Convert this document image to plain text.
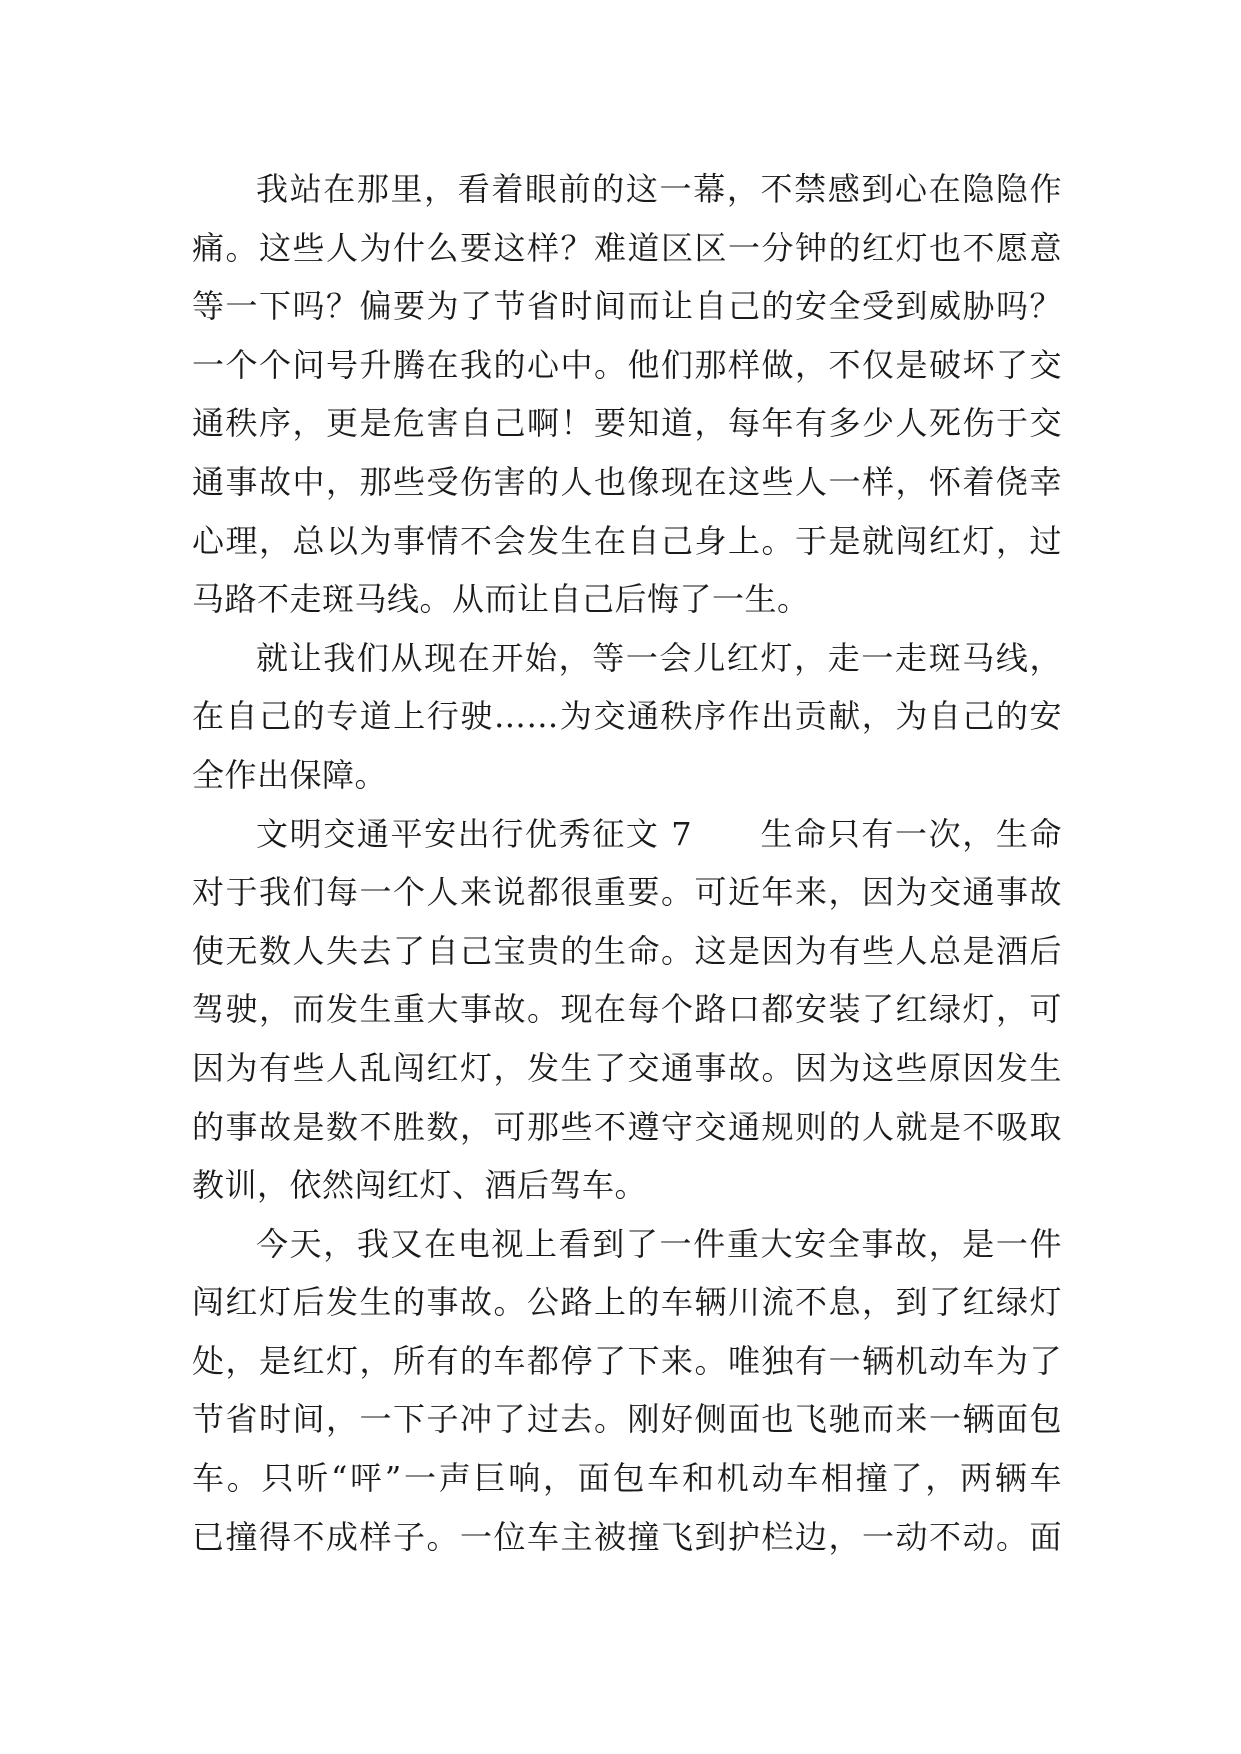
我站在那里，看着眼前的这一幕，不禁感到心在隐隐作
痛。这些人为什么要这样？难道区区一分钟的红灯也不愿意
等一下吗？偏要为了节省时间而让自己的安全受到威胁吗？
一个个问号升腾在我的心中。他们那样做，不仅是破坏了交
通秩序，更是危害自己啊！要知道，每年有多少人死伤于交
通事故中，那些受伤害的人也像现在这些人一样，怀着侥幸
心理，总以为事情不会发生在自己身上。于是就闯红灯，过
马路不走斑马线。从而让自己后悔了一生。
就让我们从现在开始，等一会儿红灯，走一走斑马线，
在自己的专道上行驶……为交通秩序作出贡献，为自己的安
全作出保障。
文明交通平安出行优秀征文 7　　生命只有一次，生命
对于我们每一个人来说都很重要。可近年来，因为交通事故
使无数人失去了自己宝贵的生命。这是因为有些人总是酒后
驾驶，而发生重大事故。现在每个路口都安装了红绿灯，可
因为有些人乱闯红灯，发生了交通事故。因为这些原因发生
的事故是数不胜数，可那些不遵守交通规则的人就是不吸取
教训，依然闯红灯、酒后驾车。
今天，我又在电视上看到了一件重大安全事故，是一件
闯红灯后发生的事故。公路上的车辆川流不息，到了红绿灯
处，是红灯，所有的车都停了下来。唯独有一辆机动车为了
节省时间，一下子冲了过去。刚好侧面也飞驰而来一辆面包
车。只听“呯”一声巨响，面包车和机动车相撞了，两辆车
已撞得不成样子。一位车主被撞飞到护栏边，一动不动。面
